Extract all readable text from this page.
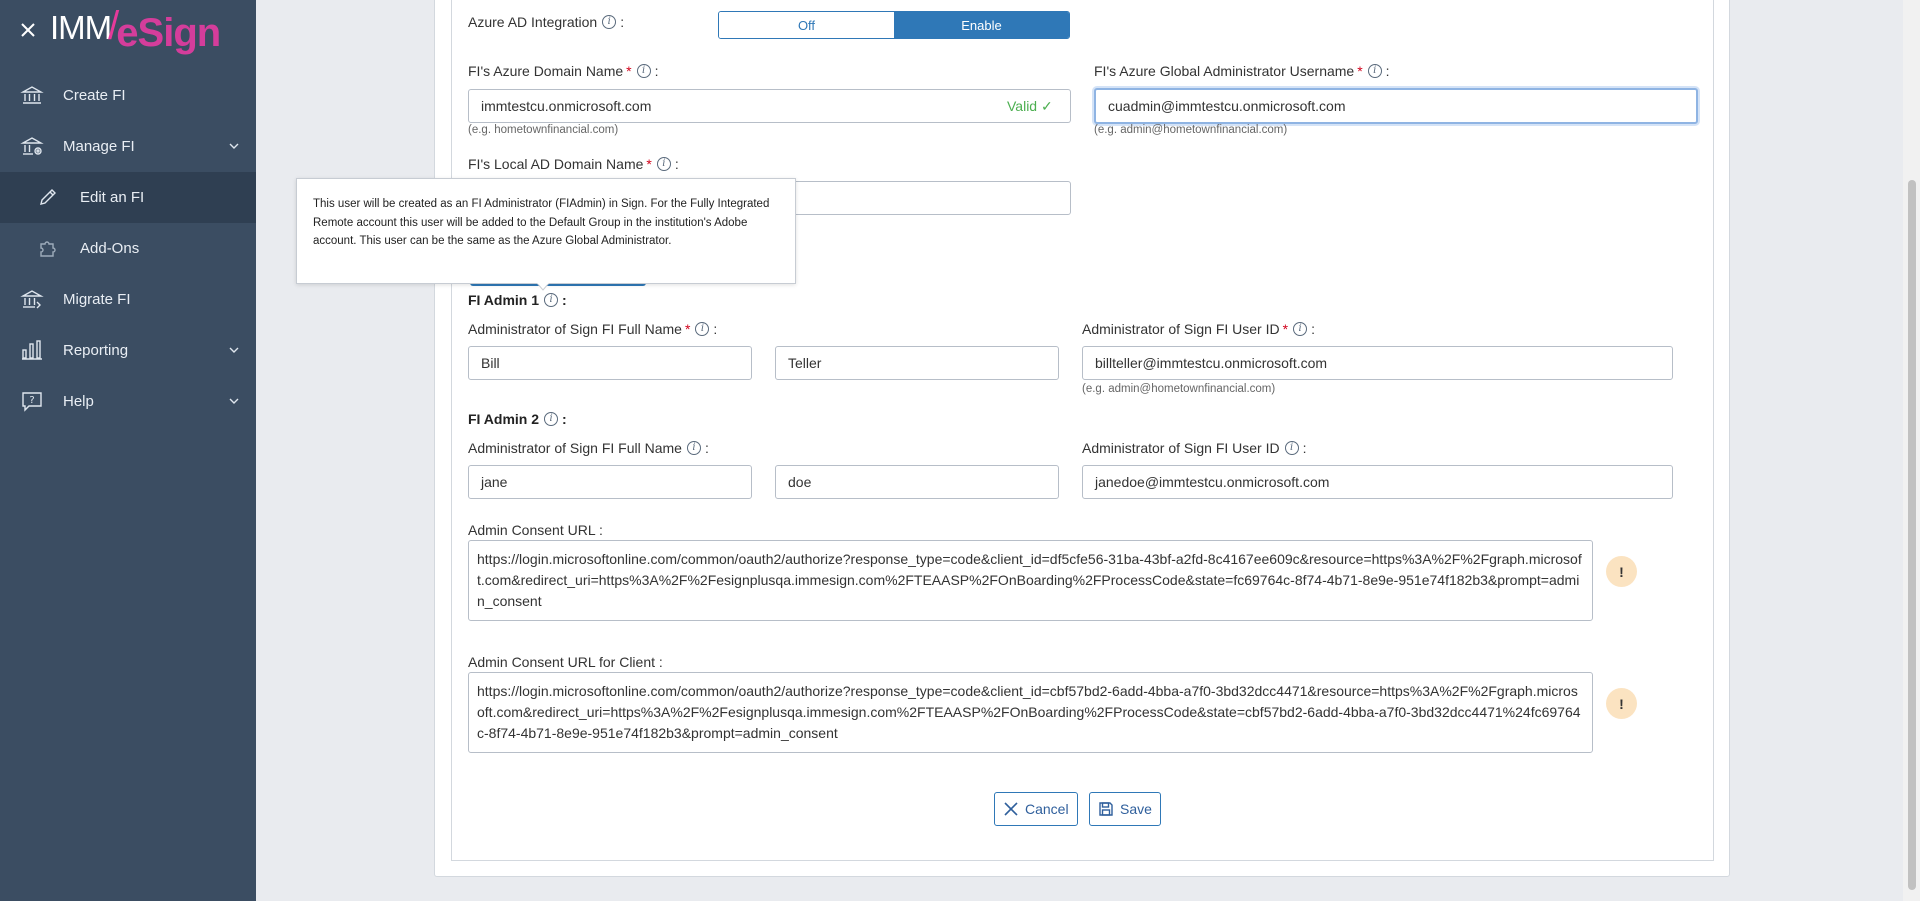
IMM
/
eSign
Create FI
Manage FI
Edit an FI
Add-Ons
Migrate FI
Reporting
? Help
Azure AD Integration	i :	Off	Enable
FI's Azure Domain Name *	i :
immtestcu.onmicrosoft.com	Valid ✓
(e.g. hometownfinancial.com)
FI's Azure Global Administrator Username *	i :
cuadmin@immtestcu.onmicrosoft.com
(e.g. admin@hometownfinancial.com)
FI's Local AD Domain Name *	i :
FI Admin 1	i :
Administrator of Sign FI Full Name *	i :
Bill	Teller
Administrator of Sign FI User ID *	i :
billteller@immtestcu.onmicrosoft.com
(e.g. admin@hometownfinancial.com)
FI Admin 2	i :
Administrator of Sign FI Full Name	i :
jane	doe
Administrator of Sign FI User ID	i :
janedoe@immtestcu.onmicrosoft.com
Admin Consent URL :
https://login.microsoftonline.com/common/oauth2/authorize?response_type=code&client_id=df5cfe56-31ba-43bf-a2fd-8c4167ee609c&resource=https%3A%2F%2Fgraph.microsoft.com&redirect_uri=https%3A%2F%2Fesignplusqa.immesign.com%2FTEAASP%2FOnBoarding%2FProcessCode&state=fc69764c-8f74-4b71-8e9e-951e74f182b3&prompt=admin_consent
!
Admin Consent URL for Client :
https://login.microsoftonline.com/common/oauth2/authorize?response_type=code&client_id=cbf57bd2-6add-4bba-a7f0-3bd32dcc4471&resource=https%3A%2F%2Fgraph.microsoft.com&redirect_uri=https%3A%2F%2Fesignplusqa.immesign.com%2FTEAASP%2FOnBoarding%2FProcessCode&state=cbf57bd2-6add-4bba-a7f0-3bd32dcc4471%24fc69764c-8f74-4b71-8e9e-951e74f182b3&prompt=admin_consent
!
Cancel	Save
This user will be created as an FI Administrator (FIAdmin) in Sign. For the Fully Integrated Remote account this user will be added to the Default Group in the institution's Adobe account. This user can be the same as the Azure Global Administrator.
